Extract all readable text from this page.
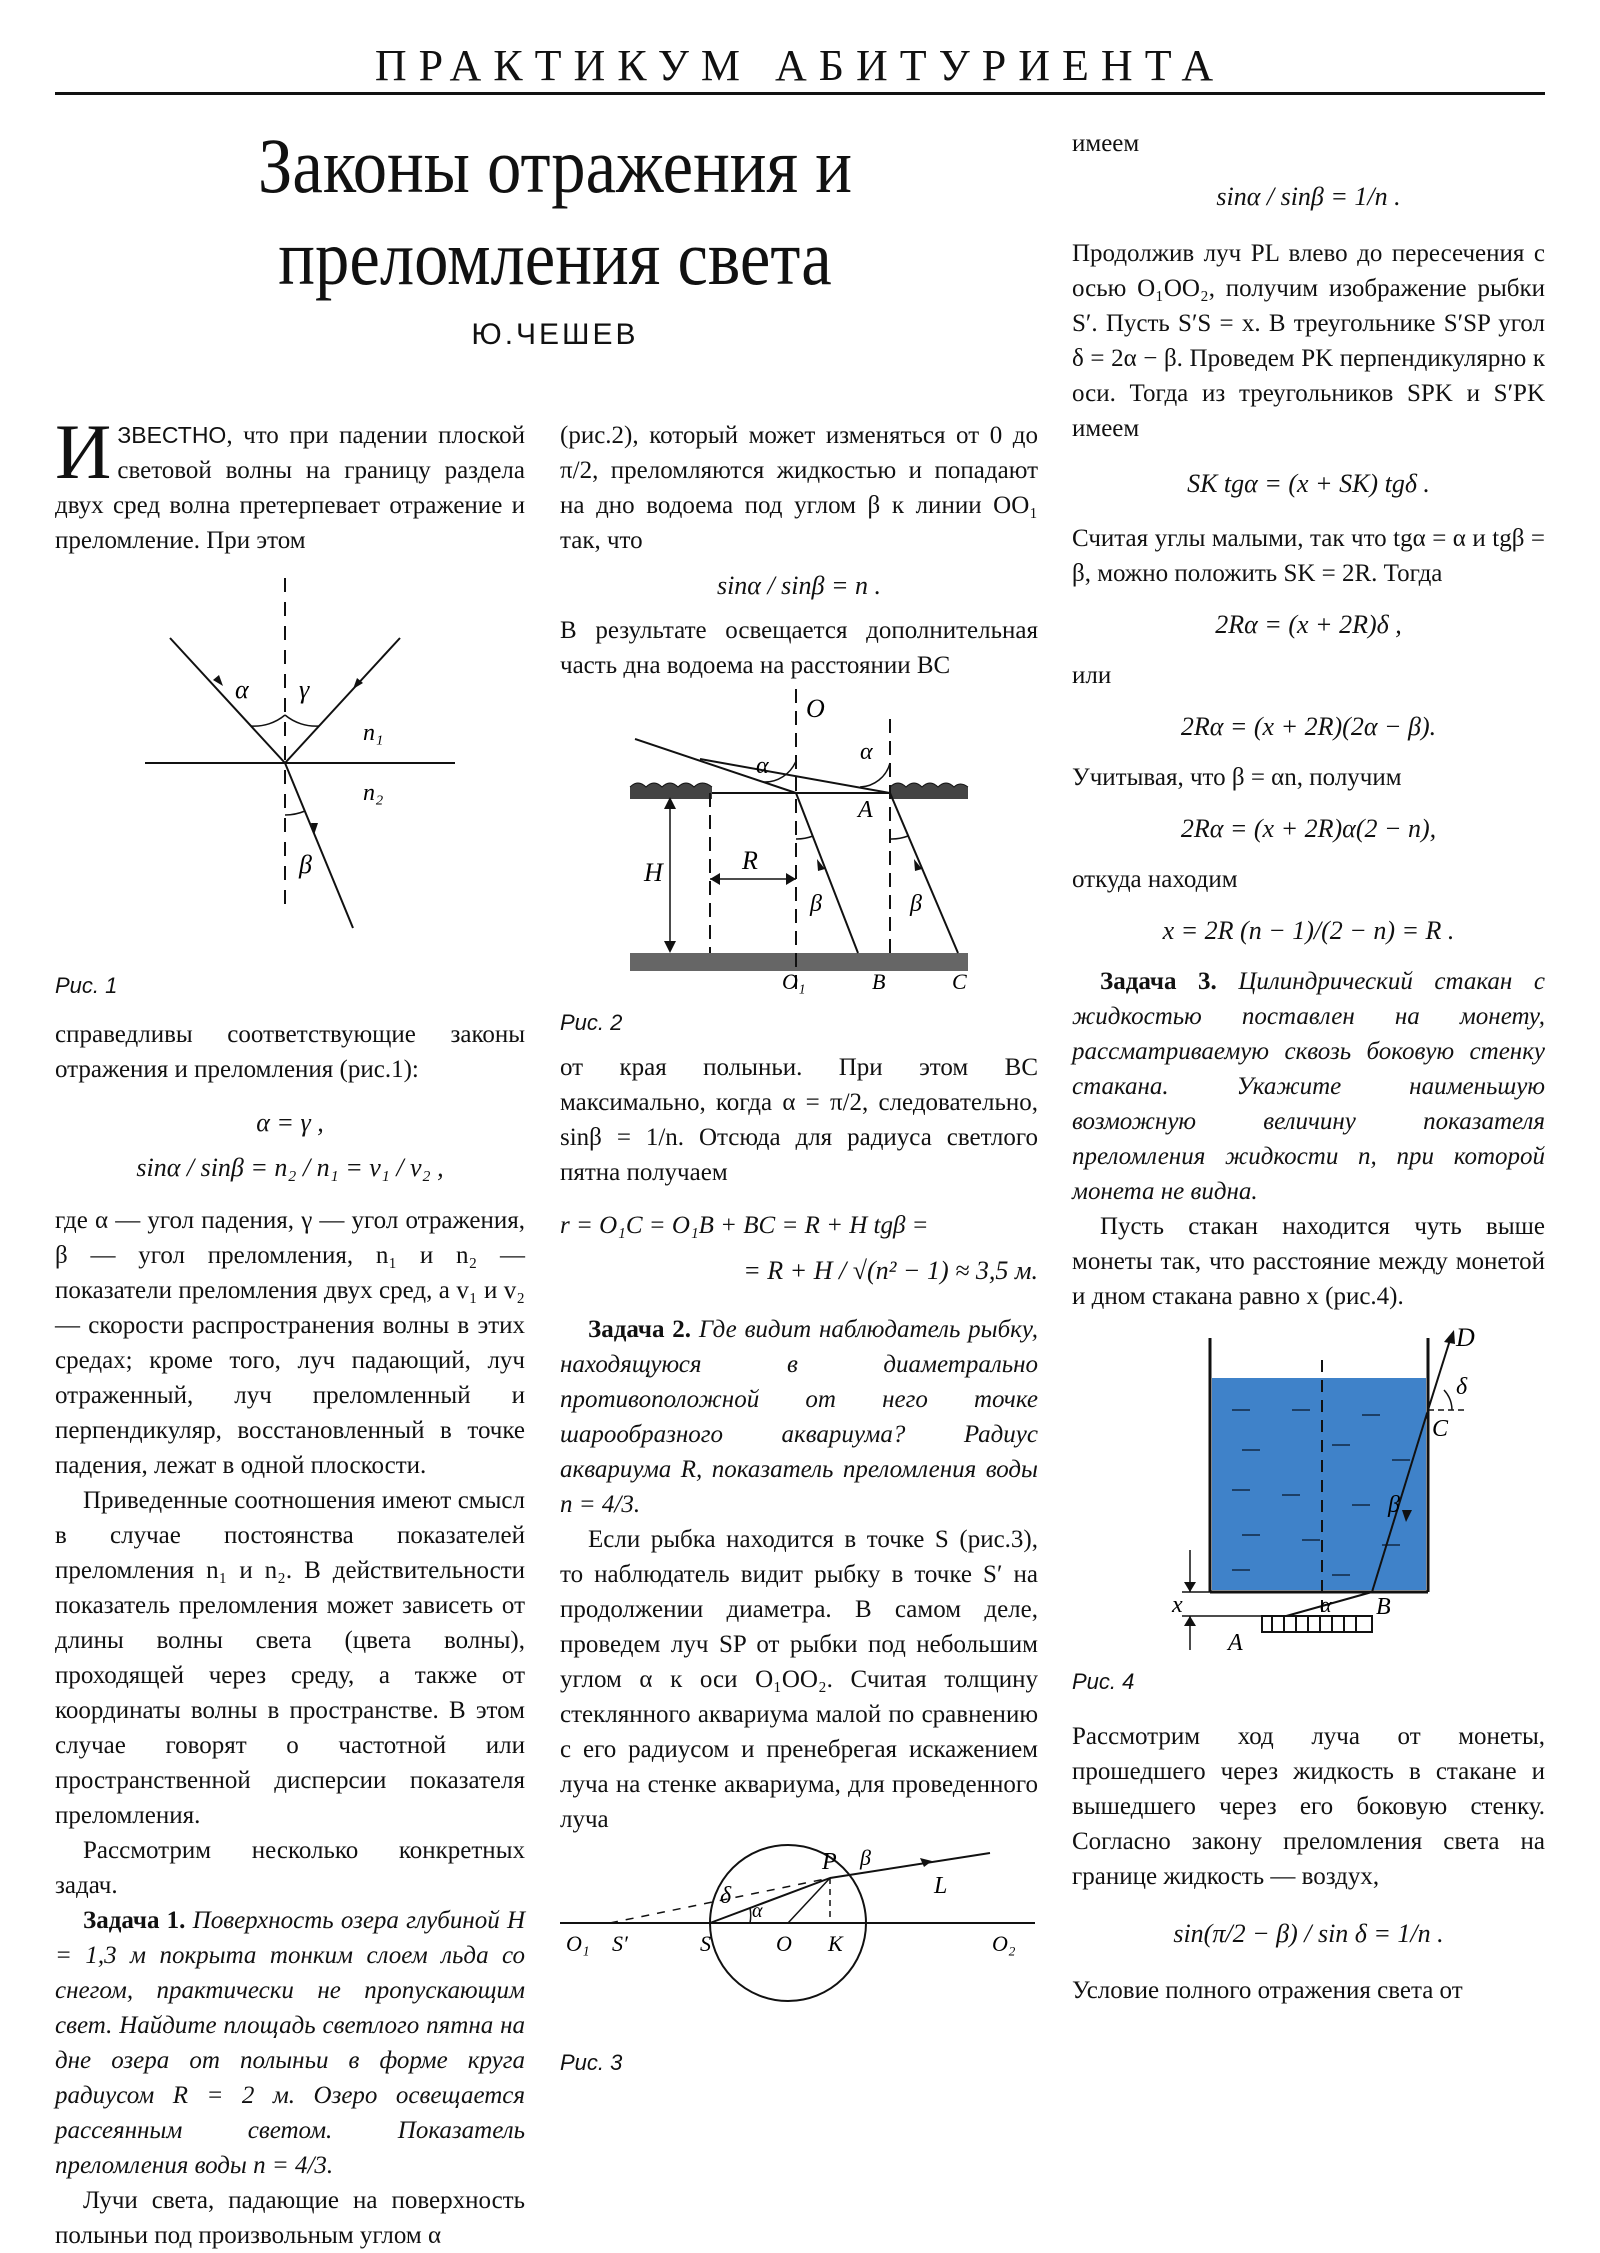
ПРАКТИКУМ АБИТУРИЕНТА
Законы отражения и
преломления света
Ю.ЧЕШЕВ

ИЗВЕСТНО, что при падении плоской световой волны на границу раздела двух сред волна претерпевает отражение и преломление. При этом

α γ
β
n₁
n₂

Рис. 1

справедливы соответствующие законы отражения и преломления (рис.1):

α = γ ,

sinα / sinβ = n₂ / n₁ = v₁ / v₂ ,

где α — угол падения, γ — угол отражения, β — угол преломления, n₁ и n₂ — показатели преломления двух сред, а v₁ и v₂ — скорости распространения волны в этих средах; кроме того, луч падающий, луч отраженный, луч преломленный и перпендикуляр, восстановленный в точке падения, лежат в одной плоскости.

Приведенные соотношения имеют смысл в случае постоянства показателей преломления n₁ и n₂. В действительности показатель преломления может зависеть от длины волны света (цвета волны), проходящей через среду, а также от координаты волны в пространстве. В этом случае говорят о частотной или пространственной дисперсии показателя преломления.

Рассмотрим несколько конкретных задач.

Задача 1. Поверхность озера глубиной H = 1,3 м покрыта тонким слоем льда со снегом, практически не пропускающим свет. Найдите площадь светлого пятна на дне озера от полыньи в форме круга радиусом R = 2 м. Озеро освещается рассеянным светом. Показатель преломления воды n = 4/3.

Лучи света, падающие на поверхность полыньи под произвольным углом α

(рис.2), который может изменяться от 0 до π/2, преломляются жидкостью и попадают на дно водоема под углом β к линии OO₁ так, что

sinα / sinβ = n .

В результате освещается дополнительная часть дна водоема на расстоянии BC

O
α
α
A
H	R
β	β
O₁	B	C

Рис. 2

от края полыньи. При этом BC максимально, когда α = π/2, следовательно, sinβ = 1/n. Отсюда для радиуса светлого пятна получаем

r = O₁C = O₁B + BC = R + H tgβ =

= R + H / √(n² − 1) ≈ 3,5 м.

Задача 2. Где видит наблюдатель рыбку, находящуюся в диаметрально противоположной от него точке шарообразного аквариума? Радиус аквариума R, показатель преломления воды n = 4/3.

Если рыбка находится в точке S (рис.3), то наблюдатель видит рыбку в точке S′ на продолжении диаметра. В самом деле, проведем луч SP от рыбки под небольшим углом α к оси O₁OO₂. Считая толщину стеклянного аквариума малой по сравнению с его радиусом и пренебрегая искажением луча на стенке аквариума, для проведенного луча

δ
O₁ S′	S
α
O
P β
K
L
O₂

Рис. 3

имеем

sinα / sinβ = 1/n .

Продолжив луч PL влево до пересечения с осью O₁OO₂, получим изображение рыбки S′. Пусть S′S = x. В треугольнике S′SP угол δ = 2α − β. Проведем PK перпендикулярно к оси. Тогда из треугольников SPK и S′PK имеем

SK tgα = (x + SK) tgδ .

Считая углы малыми, так что tgα = α и tgβ = β, можно положить SK = 2R. Тогда

2Rα = (x + 2R)δ ,

или

2Rα = (x + 2R)(2α − β).

Учитывая, что β = αn, получим

2Rα = (x + 2R)α(2 − n),

откуда находим

x = 2R (n − 1)/(2 − n) = R .

Задача 3. Цилиндрический стакан с жидкостью поставлен на монету, рассматриваемую сквозь боковую стенку стакана. Укажите наименьшую возможную величину показателя преломления жидкости n, при которой монета не видна.

Пусть стакан находится чуть выше монеты так, что расстояние между монетой и дном стакана равно x (рис.4).

D
δ
C
β
x	α B
A

Рис. 4

Рассмотрим ход луча от монеты, прошедшего через жидкость в стакане и вышедшего через его боковую стенку. Согласно закону преломления света на границе жидкость — воздух,

sin(π/2 − β) / sin δ = 1/n .

Условие полного отражения света от
